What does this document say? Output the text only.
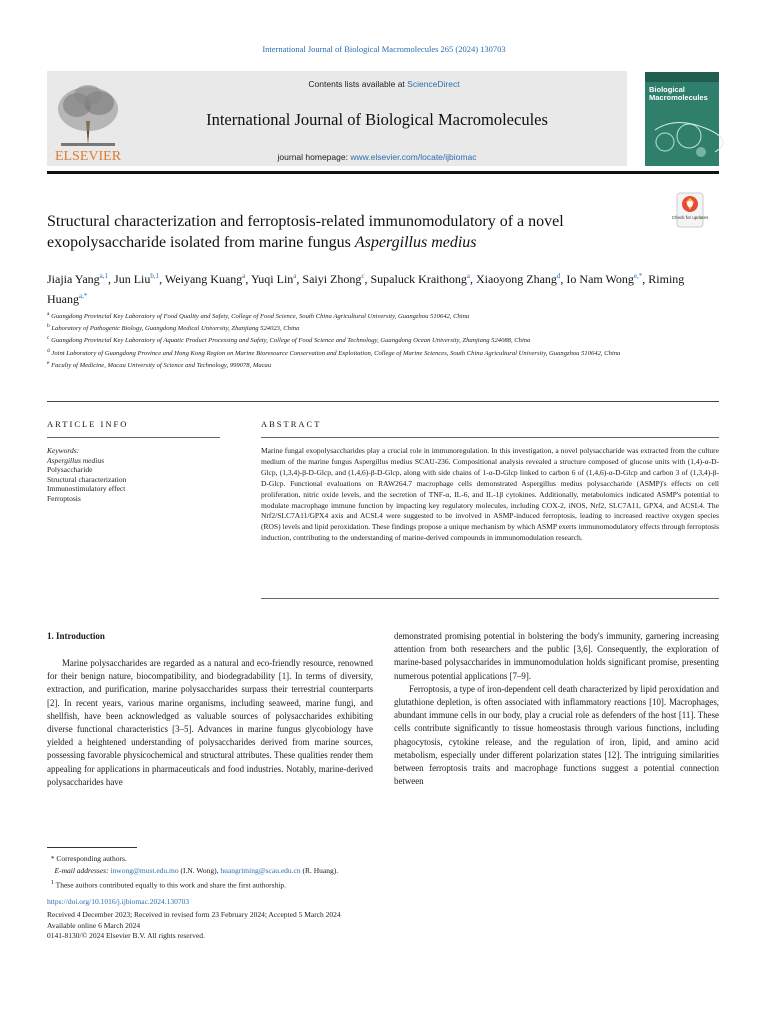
International Journal of Biological Macromolecules 265 (2024) 130703
ELSEVIER
Contents lists available at ScienceDirect
International Journal of Biological Macromolecules
journal homepage: www.elsevier.com/locate/ijbiomac
Biological Macromolecules
Structural characterization and ferroptosis-related immunomodulatory of a novel exopolysaccharide isolated from marine fungus Aspergillus medius
Check for updates
Jiajia Yang$^{a,1}$, Jun Liu$^{b,1}$, Weiyang Kuang$^a$, Yuqi Lin$^a$, Saiyi Zhong$^c$, Supaluck Kraithong$^a$, Xiaoyong Zhang$^d$, Io Nam Wong$^{e,*}$, Riming Huang$^{a,*}$
$^a$ Guangdong Provincial Key Laboratory of Food Quality and Safety, College of Food Science, South China Agricultural University, Guangzhou 510642, China
$^b$ Laboratory of Pathogenic Biology, Guangdong Medical University, Zhanjiang 524023, China
$^c$ Guangdong Provincial Key Laboratory of Aquatic Product Processing and Safety, College of Food Science and Technology, Guangdong Ocean University, Zhanjiang 524088, China
$^d$ Joint Laboratory of Guangdong Province and Hong Kong Region on Marine Bioresource Conservation and Exploitation, College of Marine Sciences, South China Agricultural University, Guangzhou 510642, China
$^e$ Faculty of Medicine, Macau University of Science and Technology, 999078, Macau
ARTICLE INFO	ABSTRACT
Keywords:
Aspergillus medius
Polysaccharide
Structural characterization
Immunostimulatory effect
Ferroptosis
Marine fungal exopolysaccharides play a crucial role in immunoregulation. In this investigation, a novel polysaccharide was extracted from the culture medium of the marine fungus Aspergillus medius SCAU-236. Compositional analysis revealed a structure composed of glucose units with (1,4)-α-D-Glcp, (1,3,4)-β-D-Glcp, and (1,4,6)-β-D-Glcp, along with side chains of 1-α-D-Glcp linked to carbon 6 of (1,4,6)-α-D-Glcp and carbon 3 of (1,3,4)-β-D-Glcp. Functional evaluations on RAW264.7 macrophage cells demonstrated Aspergillus medius polysaccharide (ASMP)'s effects on cell proliferation, nitric oxide levels, and the secretion of TNF-α, IL-6, and IL-1β cytokines. Additionally, metabolomics indicated ASMP's potential to modulate macrophage immune function by impacting key regulatory molecules, including COX-2, iNOS, Nrf2, SLC7A11, GPX4, and ACSL4. The Nrf2/SLC7A11/GPX4 axis and ACSL4 were suggested to be involved in ASMP-induced ferroptosis, leading to increased reactive oxygen species (ROS) levels and lipid peroxidation. These findings propose a unique mechanism by which ASMP exerts immunomodulatory effects through ferroptosis induction, contributing to the understanding of marine-derived compounds in immunomodulation research.
1. Introduction

Marine polysaccharides are regarded as a natural and eco-friendly resource, renowned for their benign nature, biocompatibility, and biodegradability [1]. In terms of diversity, extraction, and purification, marine polysaccharides surpass their terrestrial counterparts [2]. In recent years, various marine organisms, including seaweed, marine fungi, and shellfish, have been acknowledged as valuable sources of polysaccharides exhibiting diverse functional characteristics [3–5]. Advances in marine fungus glycobiology have yielded a heightened understanding of polysaccharides derived from marine sources, possessing favorable physicochemical and structural attributes. These qualities render them appealing for applications in pharmaceuticals and food industries. Notably, marine-derived polysaccharides have

demonstrated promising potential in bolstering the body's immunity, garnering increasing attention from both researchers and the public [3,6]. Consequently, the exploration of marine-based polysaccharides in immunomodulation holds significant promise, presenting numerous potential applications [7–9].

Ferroptosis, a type of iron-dependent cell death characterized by lipid peroxidation and glutathione depletion, is often associated with inflammatory reactions [10]. Macrophages, abundant immune cells in our body, play a crucial role as defenders of the host [11]. These cells contribute significantly to tissue homeostasis through various functions, including phagocytosis, cytokine release, and the regulation of iron, lipid, and amino acid metabolism, especially under different polarization states [12]. The intriguing similarities between ferroptosis traits and macrophage functions suggest a potential connection between

* Corresponding authors.
E-mail addresses: inwong@must.edu.mo (I.N. Wong), huangriming@scau.edu.cn (R. Huang).
$^1$ These authors contributed equally to this work and share the first authorship.
https://doi.org/10.1016/j.ijbiomac.2024.130703
Received 4 December 2023; Received in revised form 23 February 2024; Accepted 5 March 2024
Available online 6 March 2024
0141-8130/© 2024 Elsevier B.V. All rights reserved.
